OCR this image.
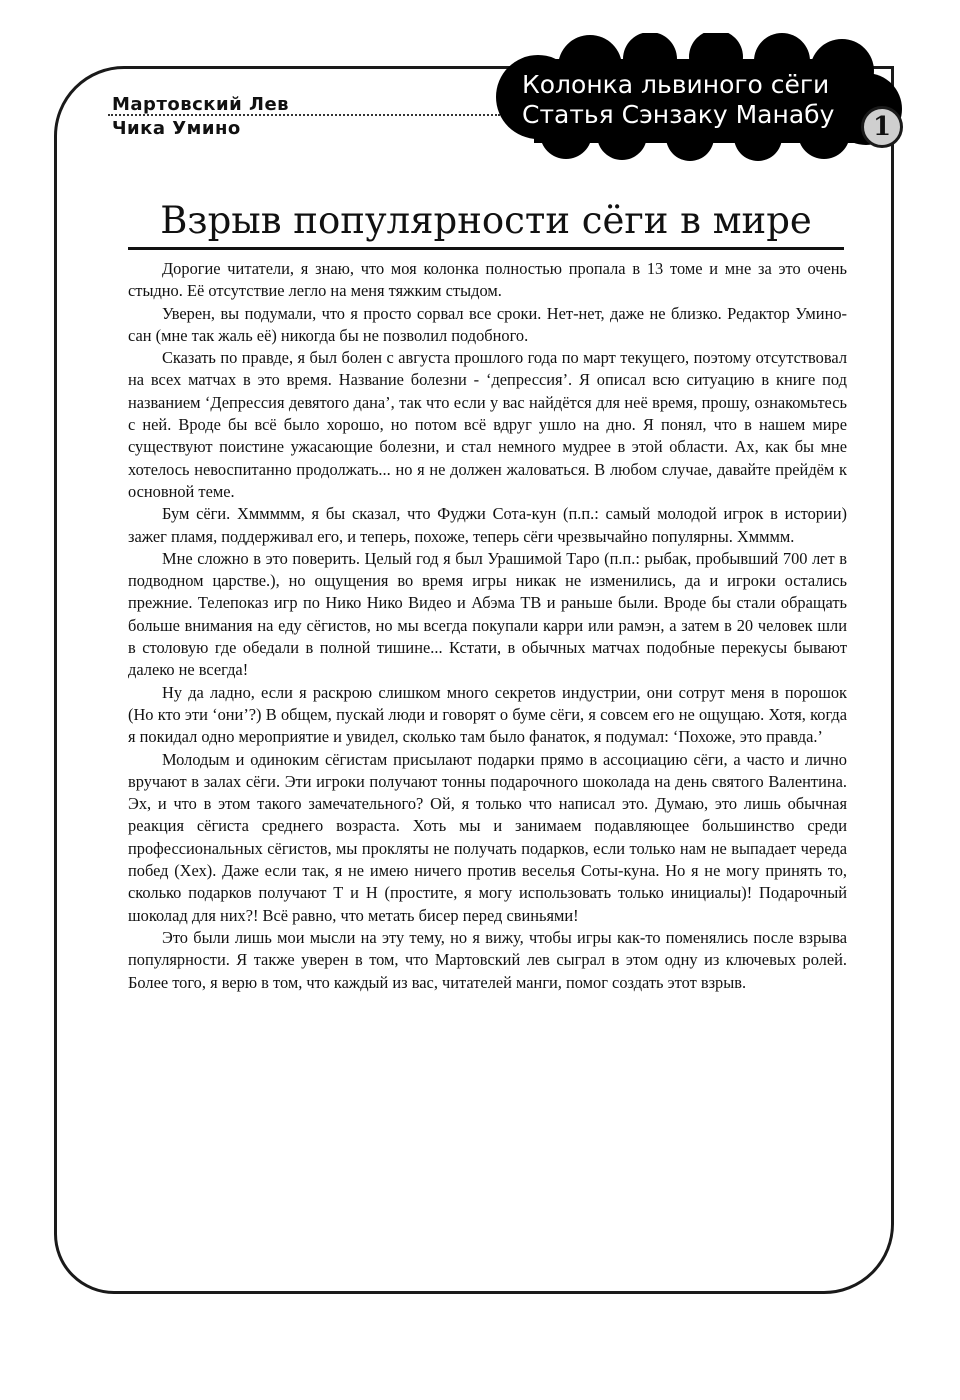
Мартовский Лев
Чика Умино
Колонка львиного сёги
Статья Сэнзаку Манабу	1
Взрыв популярности сёги в мире

Дорогие читатели, я знаю, что моя колонка полностью пропала в 13 томе и мне за это очень стыдно. Её отсутствие легло на меня тяжким стыдом.

Уверен, вы подумали, что я просто сорвал все сроки. Нет-нет, даже не близко. Редактор Умино-сан (мне так жаль её) никогда бы не позволил подобного.

Сказать по правде, я был болен с августа прошлого года по март текущего, поэтому отсутствовал на всех матчах в это время. Название болезни - ‘депрессия’. Я описал всю ситуацию в книге под названием ‘Депрессия девятого дана’, так что если у вас найдётся для неё время, прошу, ознакомьтесь с ней. Вроде бы всё было хорошо, но потом всё вдруг ушло на дно. Я понял, что в нашем мире существуют поистине ужасающие болезни, и стал немного мудрее в этой области. Ах, как бы мне хотелось невоспитанно продолжать... но я не должен жаловаться. В любом случае, давайте прейдём к основной теме.

Бум сёги. Хммммм, я бы сказал, что Фуджи Сота-кун (п.п.: самый молодой игрок в истории) зажег пламя, поддерживал его, и теперь, похоже, теперь сёги чрезвычайно популярны. Хмммм.

Мне сложно в это поверить. Целый год я был Урашимой Таро (п.п.: рыбак, пробывший 700 лет в подводном царстве.), но ощущения во время игры никак не изменились, да и игроки остались прежние. Телепоказ игр по Нико Нико Видео и Абэма ТВ и раньше были. Вроде бы стали обращать больше внимания на еду сёгистов, но мы всегда покупали карри или рамэн, а затем в 20 человек шли в столовую где обедали в полной тишине... Кстати, в обычных матчах подобные перекусы бывают далеко не всегда!

Ну да ладно, если я раскрою слишком много секретов индустрии, они сотрут меня в порошок (Но кто эти ‘они’?) В общем, пускай люди и говорят о буме сёги, я совсем его не ощущаю. Хотя, когда я покидал одно мероприятие и увидел, сколько там было фанаток, я подумал: ‘Похоже, это правда.’

Молодым и одиноким сёгистам присылают подарки прямо в ассоциацию сёги, а часто и лично вручают в залах сёги. Эти игроки получают тонны подарочного шоколада на день святого Валентина. Эх, и что в этом такого замечательного? Ой, я только что написал это. Думаю, это лишь обычная реакция сёгиста среднего возраста. Хоть мы и занимаем подавляющее большинство среди профессиональных сёгистов, мы прокляты не получать подарков, если только нам не выпадает череда побед (Хех). Даже если так, я не имею ничего против веселья Соты-куна. Но я не могу принять то, сколько подарков получают Т и Н (простите, я могу использовать только инициалы)! Подарочный шоколад для них?! Всё равно, что метать бисер перед свиньями!

Это были лишь мои мысли на эту тему, но я вижу, чтобы игры как-то поменялись после взрыва популярности. Я также уверен в том, что Мартовский лев сыграл в этом одну из ключевых ролей. Более того, я верю в том, что каждый из вас, читателей манги, помог создать этот взрыв.
